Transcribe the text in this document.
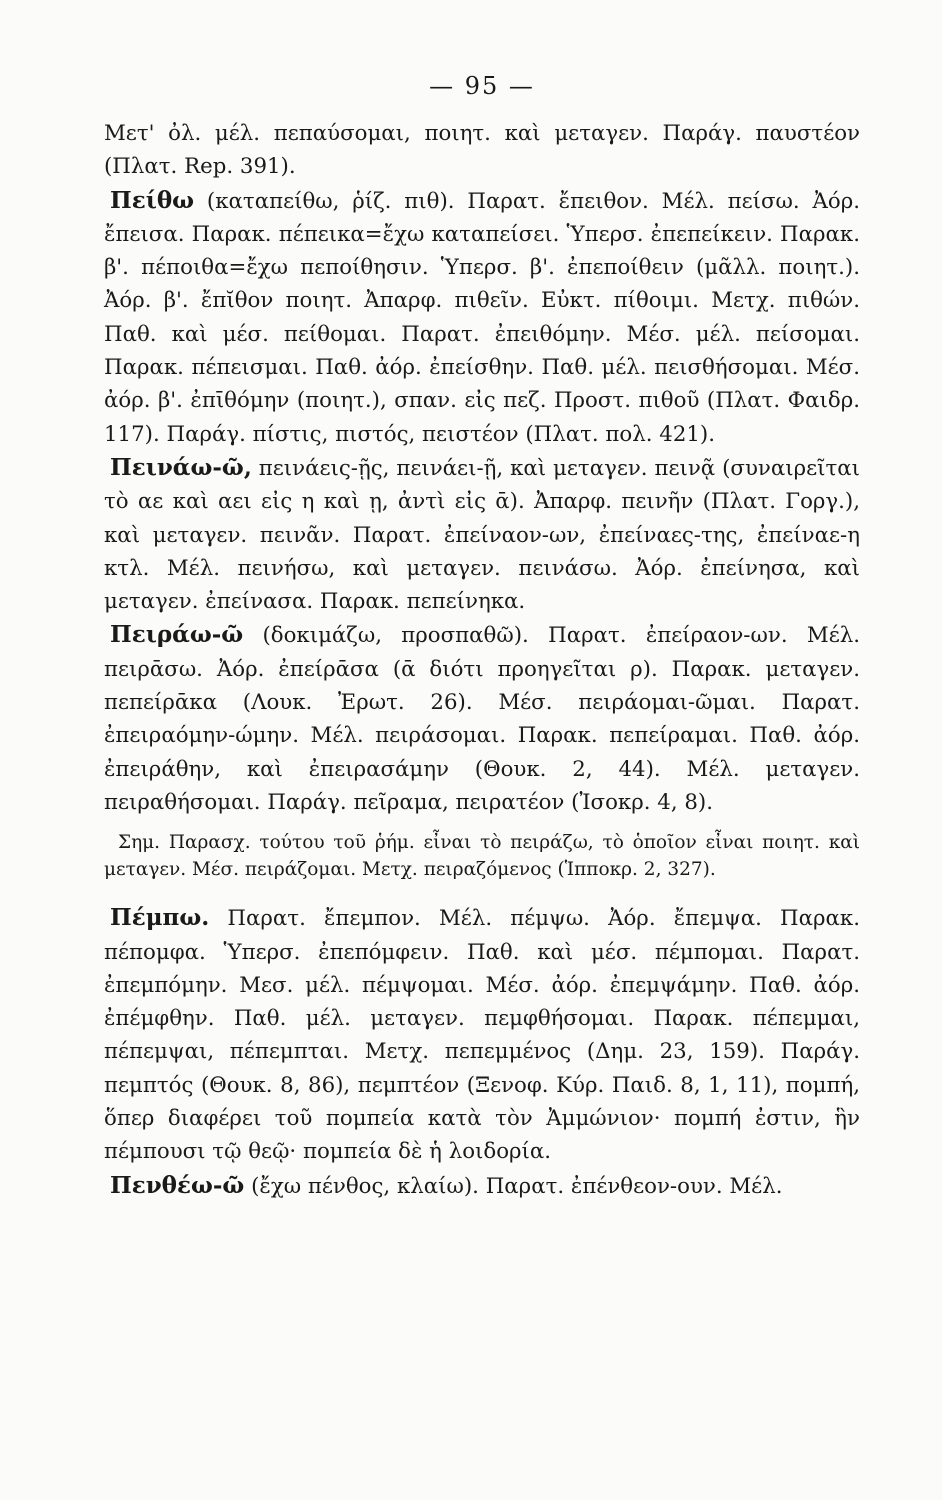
— 95 —

Μετ' ὀλ. μέλ. πεπαύσομαι, ποιητ. καὶ μεταγεν. Παράγ. παυστέον (Πλατ. Rep. 391).

Πείθω (καταπείθω, ῥίζ. πιθ). Παρατ. ἔπειθον. Μέλ. πείσω. Ἀόρ. ἔπεισα. Παρακ. πέπεικα=ἔχω καταπείσει. Ὑπερσ. ἐπεπείκειν. Παρακ. β'. πέποιθα=ἔχω πεποίθησιν. Ὑπερσ. β'. ἐπεποίθειν (μᾶλλ. ποιητ.). Ἀόρ. β'. ἔπῐθον ποιητ. Ἀπαρφ. πιθεῖν. Εὐκτ. πίθοιμι. Μετχ. πιθών. Παθ. καὶ μέσ. πείθομαι. Παρατ. ἐπειθόμην. Μέσ. μέλ. πείσομαι. Παρακ. πέπεισμαι. Παθ. ἀόρ. ἐπείσθην. Παθ. μέλ. πεισθήσομαι. Μέσ. ἀόρ. β'. ἐπῑθόμην (ποιητ.), σπαν. εἰς πεζ. Προστ. πιθοῦ (Πλατ. Φαιδρ. 117). Παράγ. πίστις, πιστός, πειστέον (Πλατ. πολ. 421).

Πεινάω-ῶ, πεινάεις-ῇς, πεινάει-ῇ, καὶ μεταγεν. πεινᾷ (συναιρεῖται τὸ αε καὶ αει εἰς η καὶ ῃ, ἀντὶ εἰς ᾱ). Ἀπαρφ. πεινῆν (Πλατ. Γοργ.), καὶ μεταγεν. πεινᾶν. Παρατ. ἐπείναον-ων, ἐπείναες-της, ἐπείναε-η κτλ. Μέλ. πεινήσω, καὶ μεταγεν. πεινάσω. Ἀόρ. ἐπείνησα, καὶ μεταγεν. ἐπείνασα. Παρακ. πεπείνηκα.

Πειράω-ῶ (δοκιμάζω, προσπαθῶ). Παρατ. ἐπείραον-ων. Μέλ. πειρᾱσω. Ἀόρ. ἐπείρᾱσα (ᾱ διότι προηγεῖται ρ). Παρακ. μεταγεν. πεπείρᾱκα (Λουκ. Ἐρωτ. 26). Μέσ. πειράομαι-ῶμαι. Παρατ. ἐπειραόμην-ώμην. Μέλ. πειράσομαι. Παρακ. πεπείραμαι. Παθ. ἀόρ. ἐπειράθην, καὶ ἐπειρασάμην (Θουκ. 2, 44). Μέλ. μεταγεν. πειραθήσομαι. Παράγ. πεῖραμα, πειρατέον (Ἰσοκρ. 4, 8).

Σημ. Παρασχ. τούτου τοῦ ῥήμ. εἶναι τὸ πειράζω, τὸ ὁποῖον εἶναι ποιητ. καὶ μεταγεν. Μέσ. πειράζομαι. Μετχ. πειραζόμενος (Ἱπποκρ. 2, 327).

Πέμπω. Παρατ. ἔπεμπον. Μέλ. πέμψω. Ἀόρ. ἔπεμψα. Παρακ. πέπομφα. Ὑπερσ. ἐπεπόμφειν. Παθ. καὶ μέσ. πέμπομαι. Παρατ. ἐπεμπόμην. Μεσ. μέλ. πέμψομαι. Μέσ. ἀόρ. ἐπεμψάμην. Παθ. ἀόρ. ἐπέμφθην. Παθ. μέλ. μεταγεν. πεμφθήσομαι. Παρακ. πέπεμμαι, πέπεμψαι, πέπεμπται. Μετχ. πεπεμμένος (Δημ. 23, 159). Παράγ. πεμπτός (Θουκ. 8, 86), πεμπτέον (Ξενοφ. Κύρ. Παιδ. 8, 1, 11), πομπή, ὅπερ διαφέρει τοῦ πομπεία κατὰ τὸν Ἀμμώνιον· πομπή ἐστιν, ἣν πέμπουσι τῷ θεῷ· πομπεία δὲ ἡ λοιδορία.

Πενθέω-ῶ (ἔχω πένθος, κλαίω). Παρατ. ἐπένθεον-ουν. Μέλ.
